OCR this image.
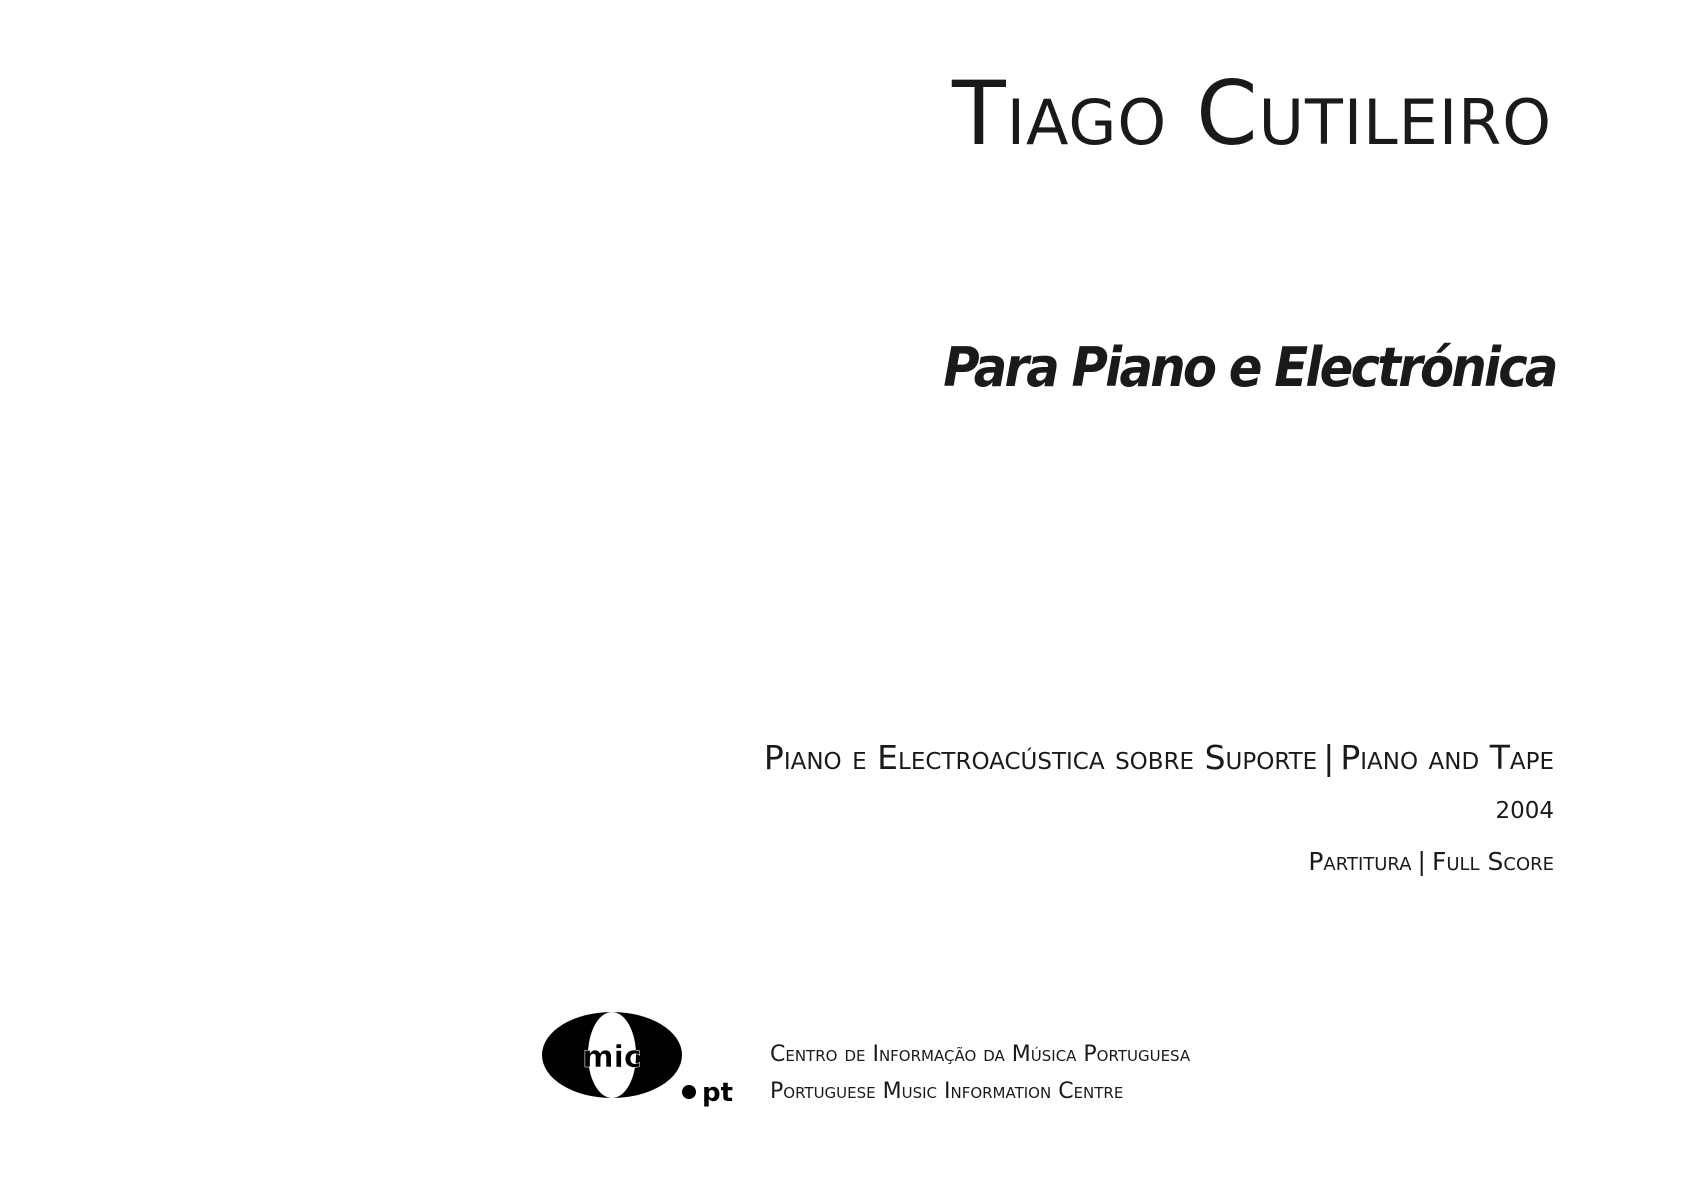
Tiago Cutileiro
Para Piano e Electrónica
Piano e Electroacústica sobre Suporte | Piano and Tape
2004
Partitura | Full Score
mic
pt
Centro de Informação da Música Portuguesa
Portuguese Music Information Centre
